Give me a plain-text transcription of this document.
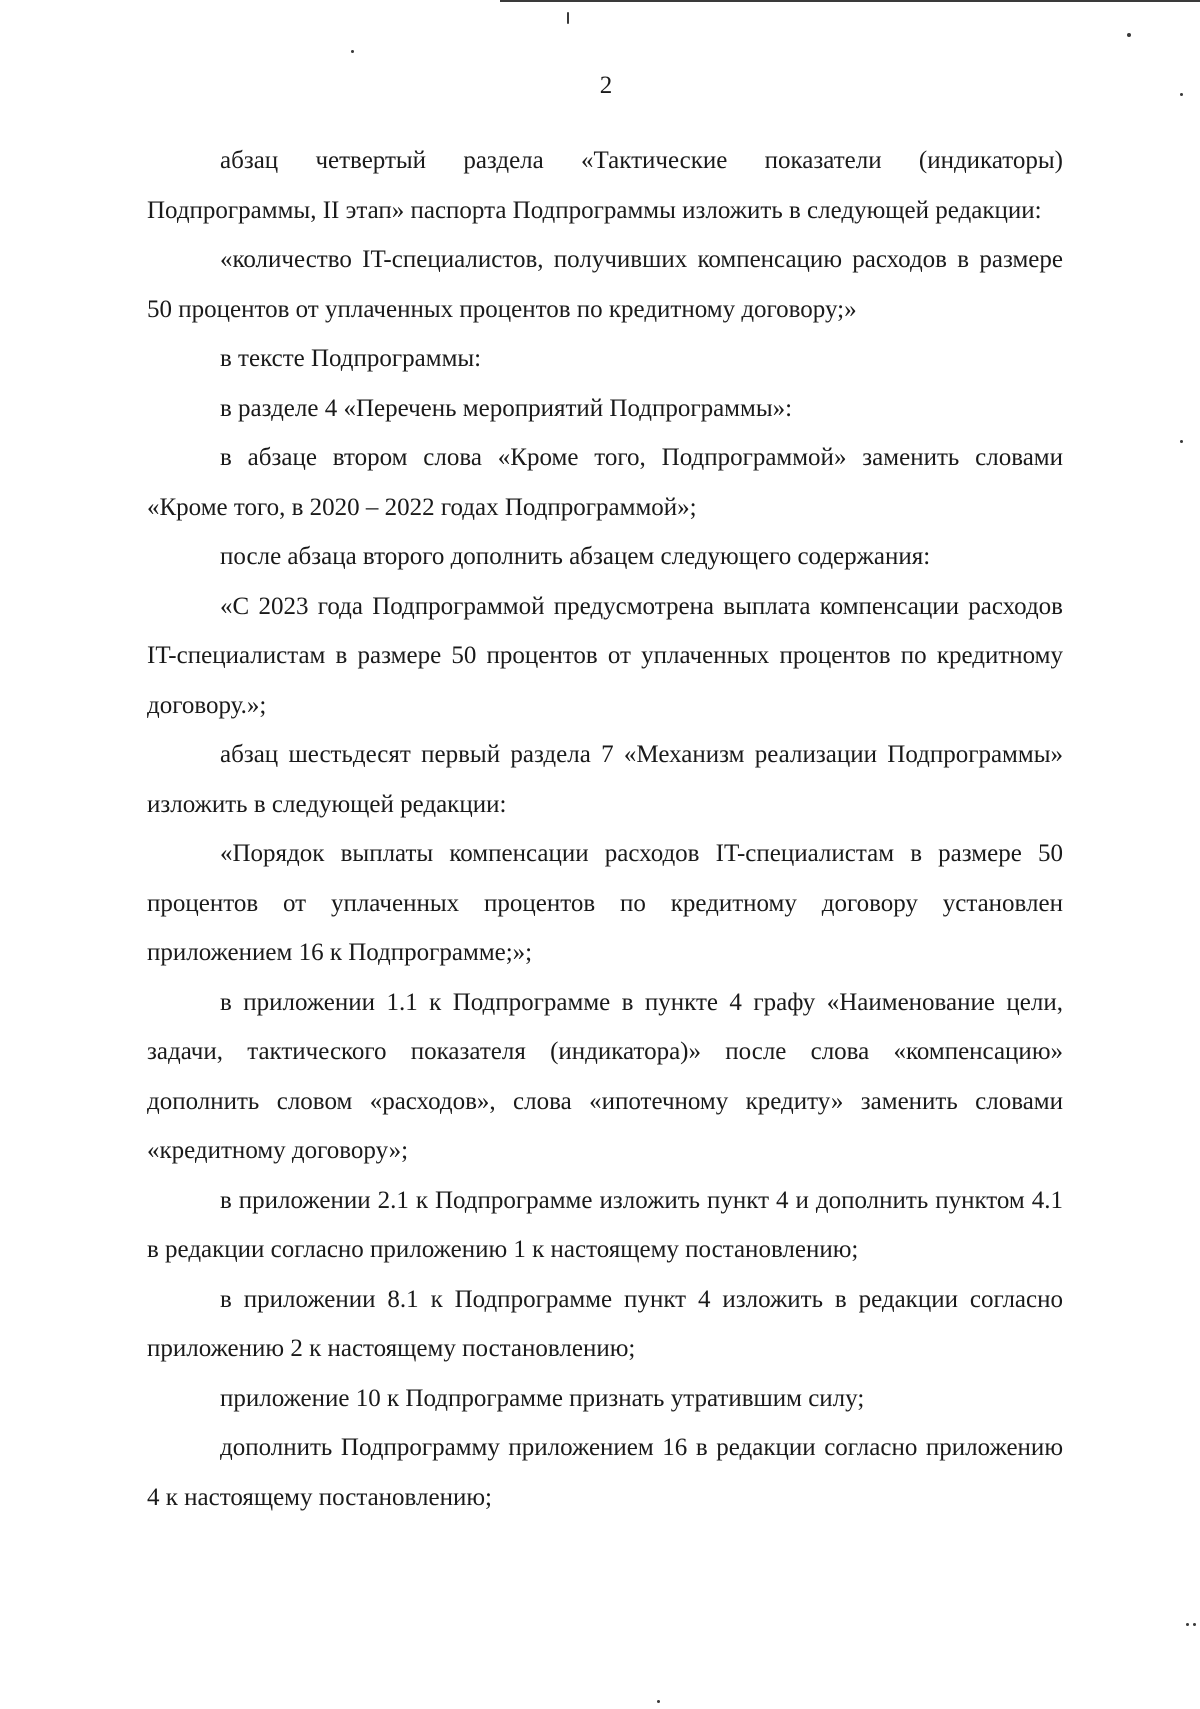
2

абзац четвертый раздела «Тактические показатели (индикаторы) Подпрограммы, II этап» паспорта Подпрограммы изложить в следующей редакции:

«количество IT-специалистов, получивших компенсацию расходов в размере 50 процентов от уплаченных процентов по кредитному договору;»

в тексте Подпрограммы:

в разделе 4 «Перечень мероприятий Подпрограммы»:

в абзаце втором слова «Кроме того, Подпрограммой» заменить словами «Кроме того, в 2020 – 2022 годах Подпрограммой»;

после абзаца второго дополнить абзацем следующего содержания:

«С 2023 года Подпрограммой предусмотрена выплата компенсации расходов IT-специалистам в размере 50 процентов от уплаченных процентов по кредитному договору.»;

абзац шестьдесят первый раздела 7 «Механизм реализации Подпрограммы» изложить в следующей редакции:

«Порядок выплаты компенсации расходов IT-специалистам в размере 50 процентов от уплаченных процентов по кредитному договору установлен приложением 16 к Подпрограмме;»;

в приложении 1.1 к Подпрограмме в пункте 4 графу «Наименование цели, задачи, тактического показателя (индикатора)» после слова «компенсацию» дополнить словом «расходов», слова «ипотечному кредиту» заменить словами «кредитному договору»;

в приложении 2.1 к Подпрограмме изложить пункт 4 и дополнить пунктом 4.1 в редакции согласно приложению 1 к настоящему постановлению;

в приложении 8.1 к Подпрограмме пункт 4 изложить в редакции согласно приложению 2 к настоящему постановлению;

приложение 10 к Подпрограмме признать утратившим силу;

дополнить Подпрограмму приложением 16 в редакции согласно приложению 4 к настоящему постановлению;
